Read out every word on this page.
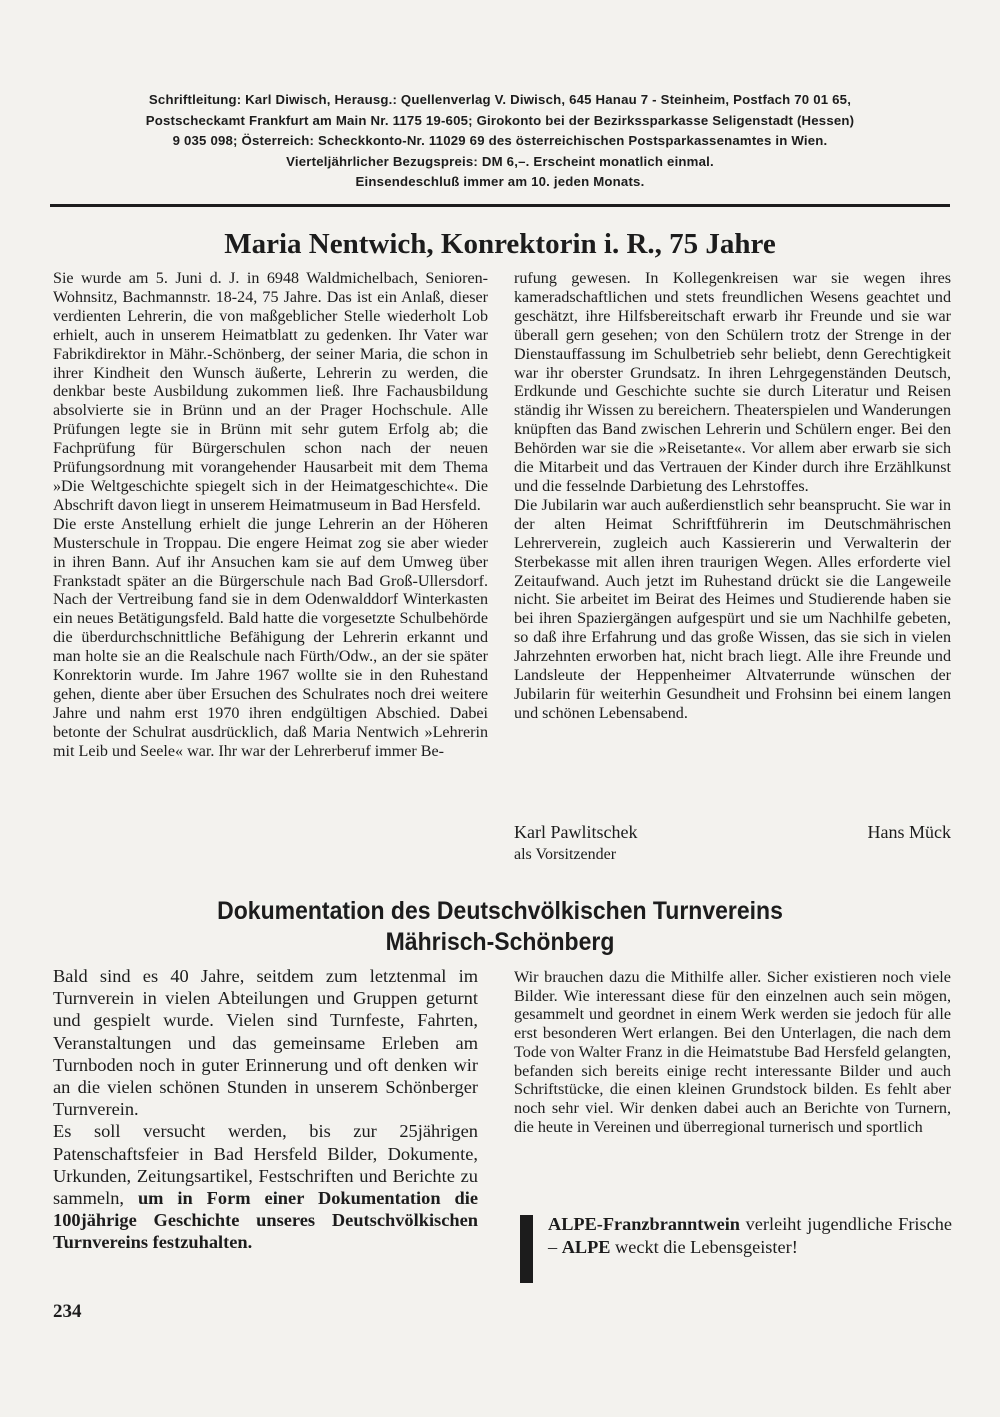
Schriftleitung: Karl Diwisch, Herausg.: Quellenverlag V. Diwisch, 645 Hanau 7 - Steinheim, Postfach 70 01 65,
Postscheckamt Frankfurt am Main Nr. 1175 19-605; Girokonto bei der Bezirkssparkasse Seligenstadt (Hessen)
9 035 098; Österreich: Scheckkonto-Nr. 11029 69 des österreichischen Postsparkassenamtes in Wien.
Vierteljährlicher Bezugspreis: DM 6,–. Erscheint monatlich einmal.
Einsendeschluß immer am 10. jeden Monats.
Maria Nentwich, Konrektorin i. R., 75 Jahre

Sie wurde am 5. Juni d. J. in 6948 Waldmichelbach, Senioren-Wohnsitz, Bachmannstr. 18-24, 75 Jahre. Das ist ein Anlaß, dieser verdienten Lehrerin, die von maßgeblicher Stelle wiederholt Lob erhielt, auch in unserem Heimatblatt zu gedenken. Ihr Vater war Fabrikdirektor in Mähr.-Schönberg, der seiner Maria, die schon in ihrer Kindheit den Wunsch äußerte, Lehrerin zu werden, die denkbar beste Ausbildung zukommen ließ. Ihre Fachausbildung absolvierte sie in Brünn und an der Prager Hochschule. Alle Prüfungen legte sie in Brünn mit sehr gutem Erfolg ab; die Fachprüfung für Bürgerschulen schon nach der neuen Prüfungsordnung mit vorangehender Hausarbeit mit dem Thema »Die Weltgeschichte spiegelt sich in der Heimatgeschichte«. Die Abschrift davon liegt in unserem Heimatmuseum in Bad Hersfeld.

Die erste Anstellung erhielt die junge Lehrerin an der Höheren Musterschule in Troppau. Die engere Heimat zog sie aber wieder in ihren Bann. Auf ihr Ansuchen kam sie auf dem Umweg über Frankstadt später an die Bürgerschule nach Bad Groß-Ullersdorf. Nach der Vertreibung fand sie in dem Odenwalddorf Winterkasten ein neues Betätigungsfeld. Bald hatte die vorgesetzte Schulbehörde die überdurchschnittliche Befähigung der Lehrerin erkannt und man holte sie an die Realschule nach Fürth/Odw., an der sie später Konrektorin wurde. Im Jahre 1967 wollte sie in den Ruhestand gehen, diente aber über Ersuchen des Schulrates noch drei weitere Jahre und nahm erst 1970 ihren endgültigen Abschied. Dabei betonte der Schulrat ausdrücklich, daß Maria Nentwich »Lehrerin mit Leib und Seele« war. Ihr war der Lehrerberuf immer Be-

rufung gewesen. In Kollegenkreisen war sie wegen ihres kameradschaftlichen und stets freundlichen Wesens geachtet und geschätzt, ihre Hilfsbereitschaft erwarb ihr Freunde und sie war überall gern gesehen; von den Schülern trotz der Strenge in der Dienstauffassung im Schulbetrieb sehr beliebt, denn Gerechtigkeit war ihr oberster Grundsatz. In ihren Lehrgegenständen Deutsch, Erdkunde und Geschichte suchte sie durch Literatur und Reisen ständig ihr Wissen zu bereichern. Theaterspielen und Wanderungen knüpften das Band zwischen Lehrerin und Schülern enger. Bei den Behörden war sie die »Reisetante«. Vor allem aber erwarb sie sich die Mitarbeit und das Vertrauen der Kinder durch ihre Erzählkunst und die fesselnde Darbietung des Lehrstoffes.

Die Jubilarin war auch außerdienstlich sehr beansprucht. Sie war in der alten Heimat Schriftführerin im Deutschmährischen Lehrerverein, zugleich auch Kassiererin und Verwalterin der Sterbekasse mit allen ihren traurigen Wegen. Alles erforderte viel Zeitaufwand. Auch jetzt im Ruhestand drückt sie die Langeweile nicht. Sie arbeitet im Beirat des Heimes und Studierende haben sie bei ihren Spaziergängen aufgespürt und sie um Nachhilfe gebeten, so daß ihre Erfahrung und das große Wissen, das sie sich in vielen Jahrzehnten erworben hat, nicht brach liegt. Alle ihre Freunde und Landsleute der Heppenheimer Altvaterrunde wünschen der Jubilarin für weiterhin Gesundheit und Frohsinn bei einem langen und schönen Lebensabend.

Karl Pawlitschek	Hans Mück
als Vorsitzender
Dokumentation des Deutschvölkischen Turnvereins
Mährisch-Schönberg

Bald sind es 40 Jahre, seitdem zum letztenmal im Turnverein in vielen Abteilungen und Gruppen geturnt und gespielt wurde. Vielen sind Turnfeste, Fahrten, Veranstaltungen und das gemeinsame Erleben am Turnboden noch in guter Erinnerung und oft denken wir an die vielen schönen Stunden in unserem Schönberger Turnverein.

Es soll versucht werden, bis zur 25jährigen Patenschaftsfeier in Bad Hersfeld Bilder, Dokumente, Urkunden, Zeitungsartikel, Festschriften und Berichte zu sammeln, um in Form einer Dokumentation die 100jährige Geschichte unseres Deutschvölkischen Turnvereins festzuhalten.

Wir brauchen dazu die Mithilfe aller. Sicher existieren noch viele Bilder. Wie interessant diese für den einzelnen auch sein mögen, gesammelt und geordnet in einem Werk werden sie jedoch für alle erst besonderen Wert erlangen. Bei den Unterlagen, die nach dem Tode von Walter Franz in die Heimatstube Bad Hersfeld gelangten, befanden sich bereits einige recht interessante Bilder und auch Schriftstücke, die einen kleinen Grundstock bilden. Es fehlt aber noch sehr viel. Wir denken dabei auch an Berichte von Turnern, die heute in Vereinen und überregional turnerisch und sportlich

ALPE-Franzbranntwein verleiht jugendliche Frische – ALPE weckt die Lebensgeister!
234
